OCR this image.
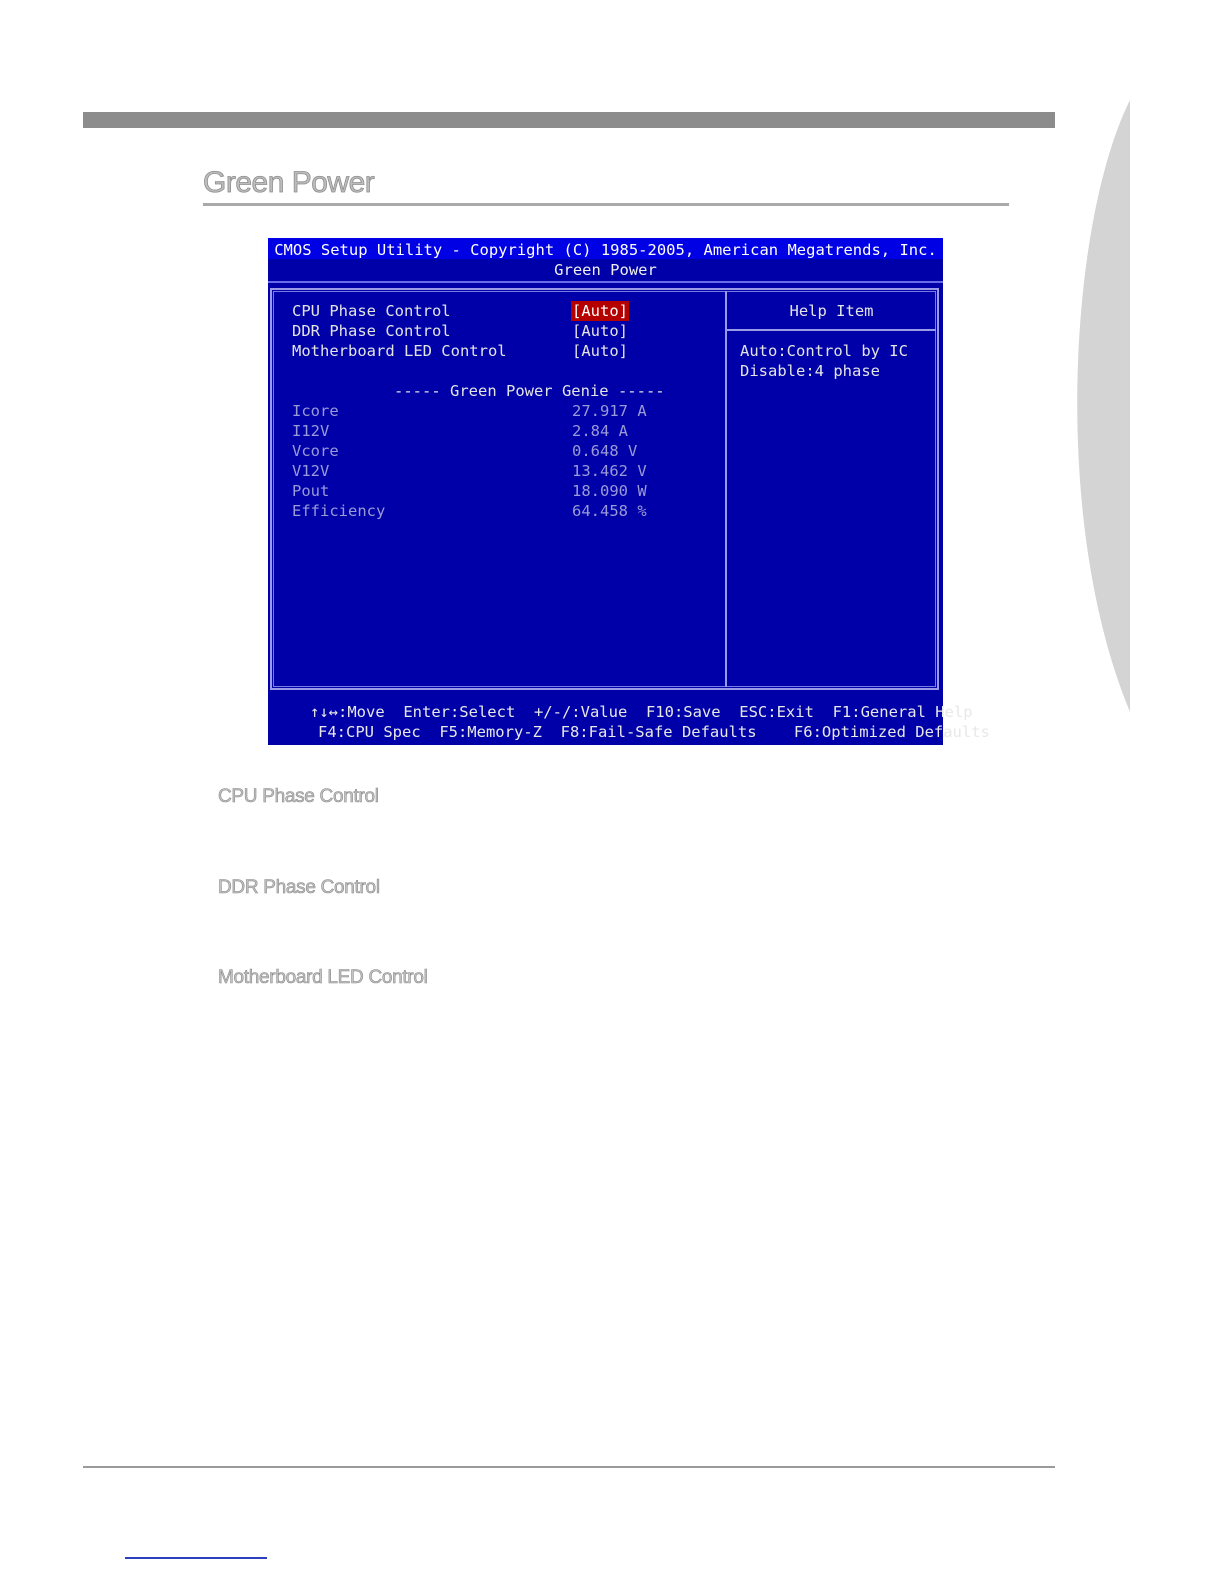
Green Power
CMOS Setup Utility - Copyright (C) 1985-2005, American Megatrends, Inc.
Green Power
CPU Phase Control	[Auto]
DDR Phase Control	[Auto]
Motherboard LED Control	[Auto]
----- Green Power Genie -----
Icore	27.917 A
I12V	2.84 A
Vcore	0.648 V
V12V	13.462 V
Pout	18.090 W
Efficiency	64.458 %
Help Item
Auto:Control by IC
Disable:4 phase
↑↓↔:Move  Enter:Select  +/-/:Value  F10:Save  ESC:Exit  F1:General Help
F4:CPU Spec  F5:Memory-Z  F8:Fail-Safe Defaults    F6:Optimized Defaults
CPU Phase Control
DDR Phase Control
Motherboard LED Control
